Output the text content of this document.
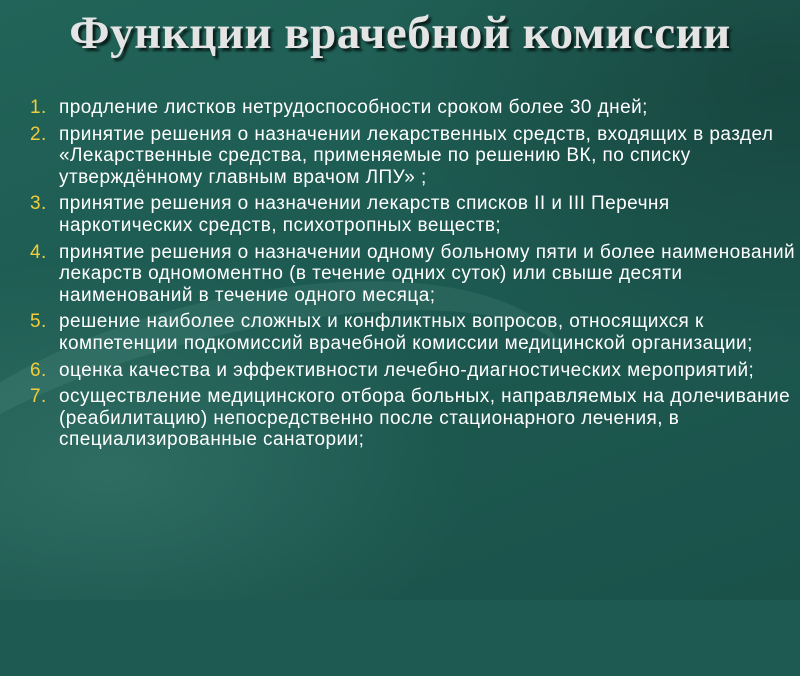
Функции врачебной комиссии
1. продление листков нетрудоспособности сроком более 30 дней;
2. принятие решения о назначении лекарственных средств, входящих в раздел «Лекарственные средства, применяемые по решению ВК, по списку утверждённому главным врачом ЛПУ» ;
3. принятие решения о назначении лекарств списков II и III Перечня наркотических средств, психотропных веществ;
4. принятие решения о назначении одному больному пяти и более наименований лекарств одномоментно (в течение одних суток) или свыше десяти наименований в течение одного месяца;
5. решение наиболее сложных и конфликтных вопросов, относящихся к компетенции подкомиссий врачебной комиссии медицинской организации;
6. оценка качества и эффективности лечебно-диагностических мероприятий;
7. осуществление медицинского отбора больных, направляемых на долечивание (реабилитацию) непосредственно после стационарного лечения, в специализированные санатории;
